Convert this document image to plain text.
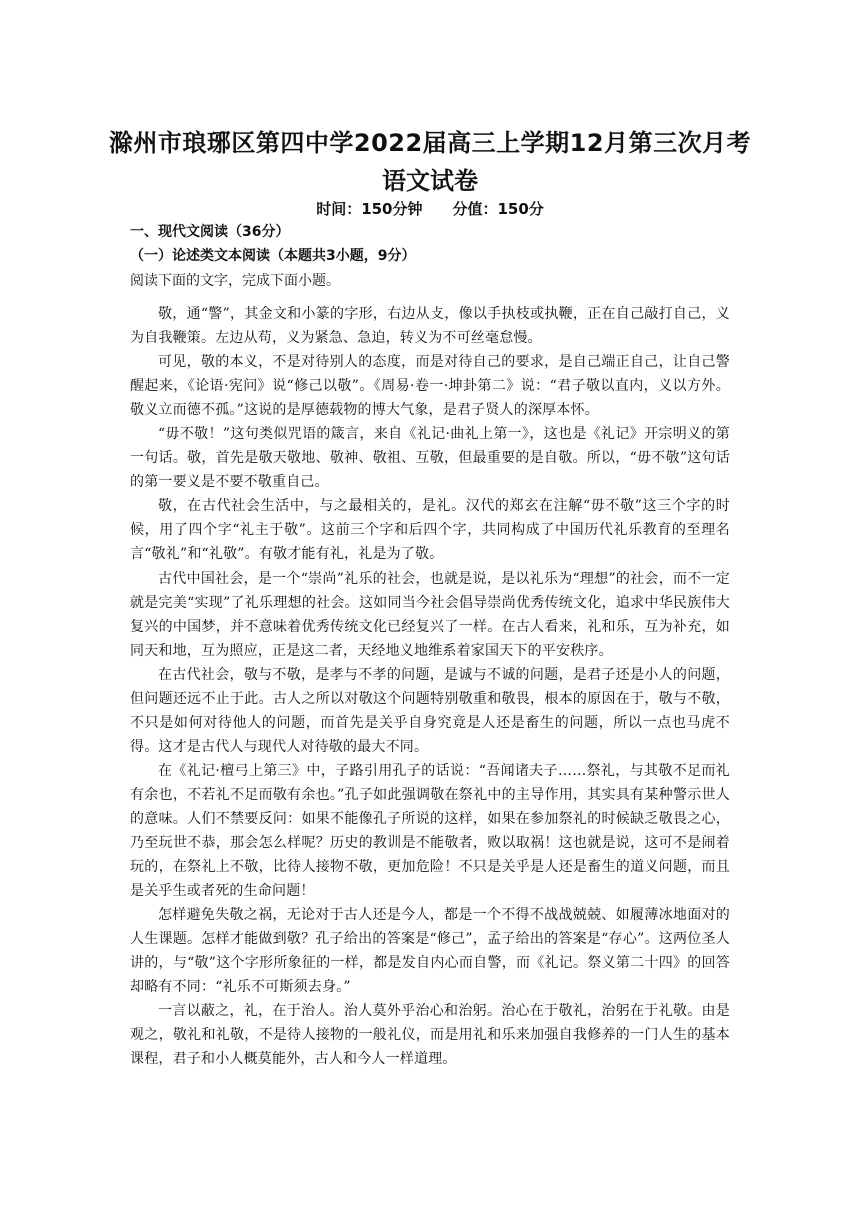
滁州市琅琊区第四中学2022届高三上学期12月第三次月考
语文试卷
时间：150分钟 分值：150分
一、现代文阅读（36分）
（一）论述类文本阅读（本题共3小题，9分）
阅读下面的文字，完成下面小题。

敬，通“警”，其金文和小篆的字形，右边从攴，像以手执枝或执鞭，正在自己敲打自己，义为自我鞭策。左边从苟，义为紧急、急迫，转义为不可丝毫怠慢。

可见，敬的本义，不是对待别人的态度，而是对待自己的要求，是自己端正自己，让自己警醒起来，《论语·宪问》说“修己以敬”。《周易·卷一·坤卦第二》说：“君子敬以直内，义以方外。敬义立而德不孤。”这说的是厚德载物的博大气象，是君子贤人的深厚本怀。

“毋不敬！”这句类似咒语的箴言，来自《礼记·曲礼上第一》，这也是《礼记》开宗明义的第一句话。敬，首先是敬天敬地、敬神、敬祖、互敬，但最重要的是自敬。所以，“毋不敬”这句话的第一要义是不要不敬重自己。

敬，在古代社会生活中，与之最相关的，是礼。汉代的郑玄在注解“毋不敬”这三个字的时候，用了四个字“礼主于敬”。这前三个字和后四个字，共同构成了中国历代礼乐教育的至理名言“敬礼”和“礼敬”。有敬才能有礼，礼是为了敬。

古代中国社会，是一个“崇尚”礼乐的社会，也就是说，是以礼乐为“理想”的社会，而不一定就是完美“实现”了礼乐理想的社会。这如同当今社会倡导崇尚优秀传统文化，追求中华民族伟大复兴的中国梦，并不意味着优秀传统文化已经复兴了一样。在古人看来，礼和乐，互为补充，如同天和地，互为照应，正是这二者，天经地义地维系着家国天下的平安秩序。

在古代社会，敬与不敬，是孝与不孝的问题，是诚与不诚的问题，是君子还是小人的问题，但问题还远不止于此。古人之所以对敬这个问题特别敬重和敬畏，根本的原因在于，敬与不敬，不只是如何对待他人的问题，而首先是关乎自身究竟是人还是畜生的问题，所以一点也马虎不得。这才是古代人与现代人对待敬的最大不同。

在《礼记·檀弓上第三》中，子路引用孔子的话说：“吾闻诸夫子……祭礼，与其敬不足而礼有余也，不若礼不足而敬有余也。”孔子如此强调敬在祭礼中的主导作用，其实具有某种警示世人的意味。人们不禁要反问：如果不能像孔子所说的这样，如果在参加祭礼的时候缺乏敬畏之心，乃至玩世不恭，那会怎么样呢？历史的教训是不能敬者，败以取祸！这也就是说，这可不是闹着玩的，在祭礼上不敬，比待人接物不敬，更加危险！不只是关乎是人还是畜生的道义问题，而且是关乎生或者死的生命问题！

怎样避免失敬之祸，无论对于古人还是今人，都是一个不得不战战兢兢、如履薄冰地面对的人生课题。怎样才能做到敬？孔子给出的答案是“修己”，孟子给出的答案是“存心”。这两位圣人讲的，与“敬”这个字形所象征的一样，都是发自内心而自警，而《礼记。祭义第二十四》的回答却略有不同：“礼乐不可斯须去身。”

一言以蔽之，礼，在于治人。治人莫外乎治心和治躬。治心在于敬礼，治躬在于礼敬。由是观之，敬礼和礼敬，不是待人接物的一般礼仪，而是用礼和乐来加强自我修养的一门人生的基本课程，君子和小人概莫能外，古人和今人一样道理。
